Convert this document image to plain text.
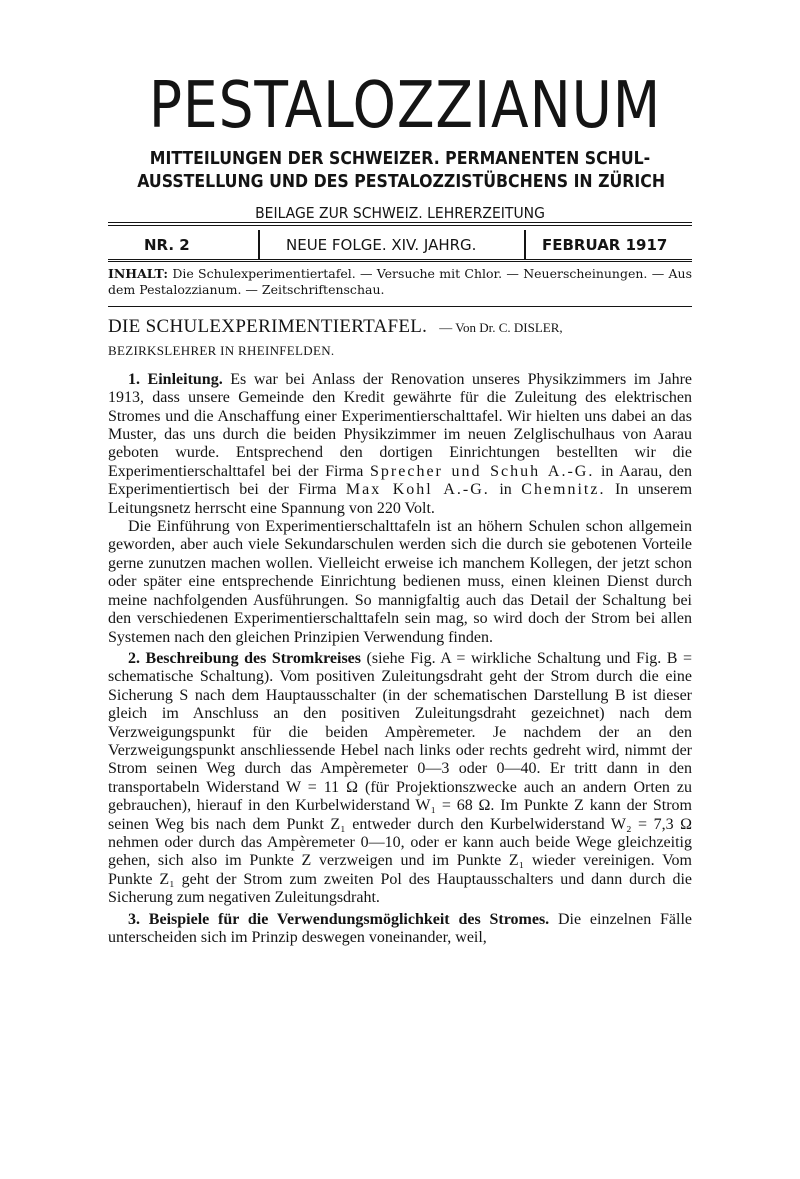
PESTALOZZIANUM
MITTEILUNGEN DER SCHWEIZER. PERMANENTEN SCHUL-
AUSSTELLUNG UND DES PESTALOZZISTÜBCHENS IN ZÜRICH
BEILAGE ZUR SCHWEIZ. LEHRERZEITUNG
NR. 2	NEUE FOLGE. XIV. JAHRG.	FEBRUAR 1917
INHALT: Die Schulexperimentiertafel. — Versuche mit Chlor. — Neuerscheinungen. — Aus dem Pestalozzianum. — Zeitschriftenschau.
DIE SCHULEXPERIMENTIERTAFEL. — Von Dr. C. DISLER,
BEZIRKSLEHRER IN RHEINFELDEN.

1. Einleitung. Es war bei Anlass der Renovation unseres Physikzimmers im Jahre 1913, dass unsere Gemeinde den Kredit gewährte für die Zuleitung des elektrischen Stromes und die Anschaffung einer Experimentierschalttafel. Wir hielten uns dabei an das Muster, das uns durch die beiden Physikzimmer im neuen Zelglischulhaus von Aarau geboten wurde. Entsprechend den dortigen Einrichtungen bestellten wir die Experimentierschalttafel bei der Firma Sprecher und Schuh A.-G. in Aarau, den Experimentiertisch bei der Firma Max Kohl A.-G. in Chemnitz. In unserem Leitungsnetz herrscht eine Spannung von 220 Volt.

Die Einführung von Experimentierschalttafeln ist an höhern Schulen schon allgemein geworden, aber auch viele Sekundarschulen werden sich die durch sie gebotenen Vorteile gerne zunutzen machen wollen. Vielleicht erweise ich manchem Kollegen, der jetzt schon oder später eine entsprechende Einrichtung bedienen muss, einen kleinen Dienst durch meine nachfolgenden Ausführungen. So mannigfaltig auch das Detail der Schaltung bei den verschiedenen Experimentierschalttafeln sein mag, so wird doch der Strom bei allen Systemen nach den gleichen Prinzipien Verwendung finden.

2. Beschreibung des Stromkreises (siehe Fig. A = wirkliche Schaltung und Fig. B = schematische Schaltung). Vom positiven Zuleitungsdraht geht der Strom durch die eine Sicherung S nach dem Hauptausschalter (in der schematischen Darstellung B ist dieser gleich im Anschluss an den positiven Zuleitungsdraht gezeichnet) nach dem Verzweigungspunkt für die beiden Ampèremeter. Je nachdem der an den Verzweigungspunkt anschliessende Hebel nach links oder rechts gedreht wird, nimmt der Strom seinen Weg durch das Ampèremeter 0—3 oder 0—40. Er tritt dann in den transportabeln Widerstand W = 11 Ω (für Projektionszwecke auch an andern Orten zu gebrauchen), hierauf in den Kurbelwiderstand W₁ = 68 Ω. Im Punkte Z kann der Strom seinen Weg bis nach dem Punkt Z₁ entweder durch den Kurbelwiderstand W₂ = 7,3 Ω nehmen oder durch das Ampèremeter 0—10, oder er kann auch beide Wege gleichzeitig gehen, sich also im Punkte Z verzweigen und im Punkte Z₁ wieder vereinigen. Vom Punkte Z₁ geht der Strom zum zweiten Pol des Hauptausschalters und dann durch die Sicherung zum negativen Zuleitungsdraht.

3. Beispiele für die Verwendungsmöglichkeit des Stromes. Die einzelnen Fälle unterscheiden sich im Prinzip deswegen voneinander, weil,
